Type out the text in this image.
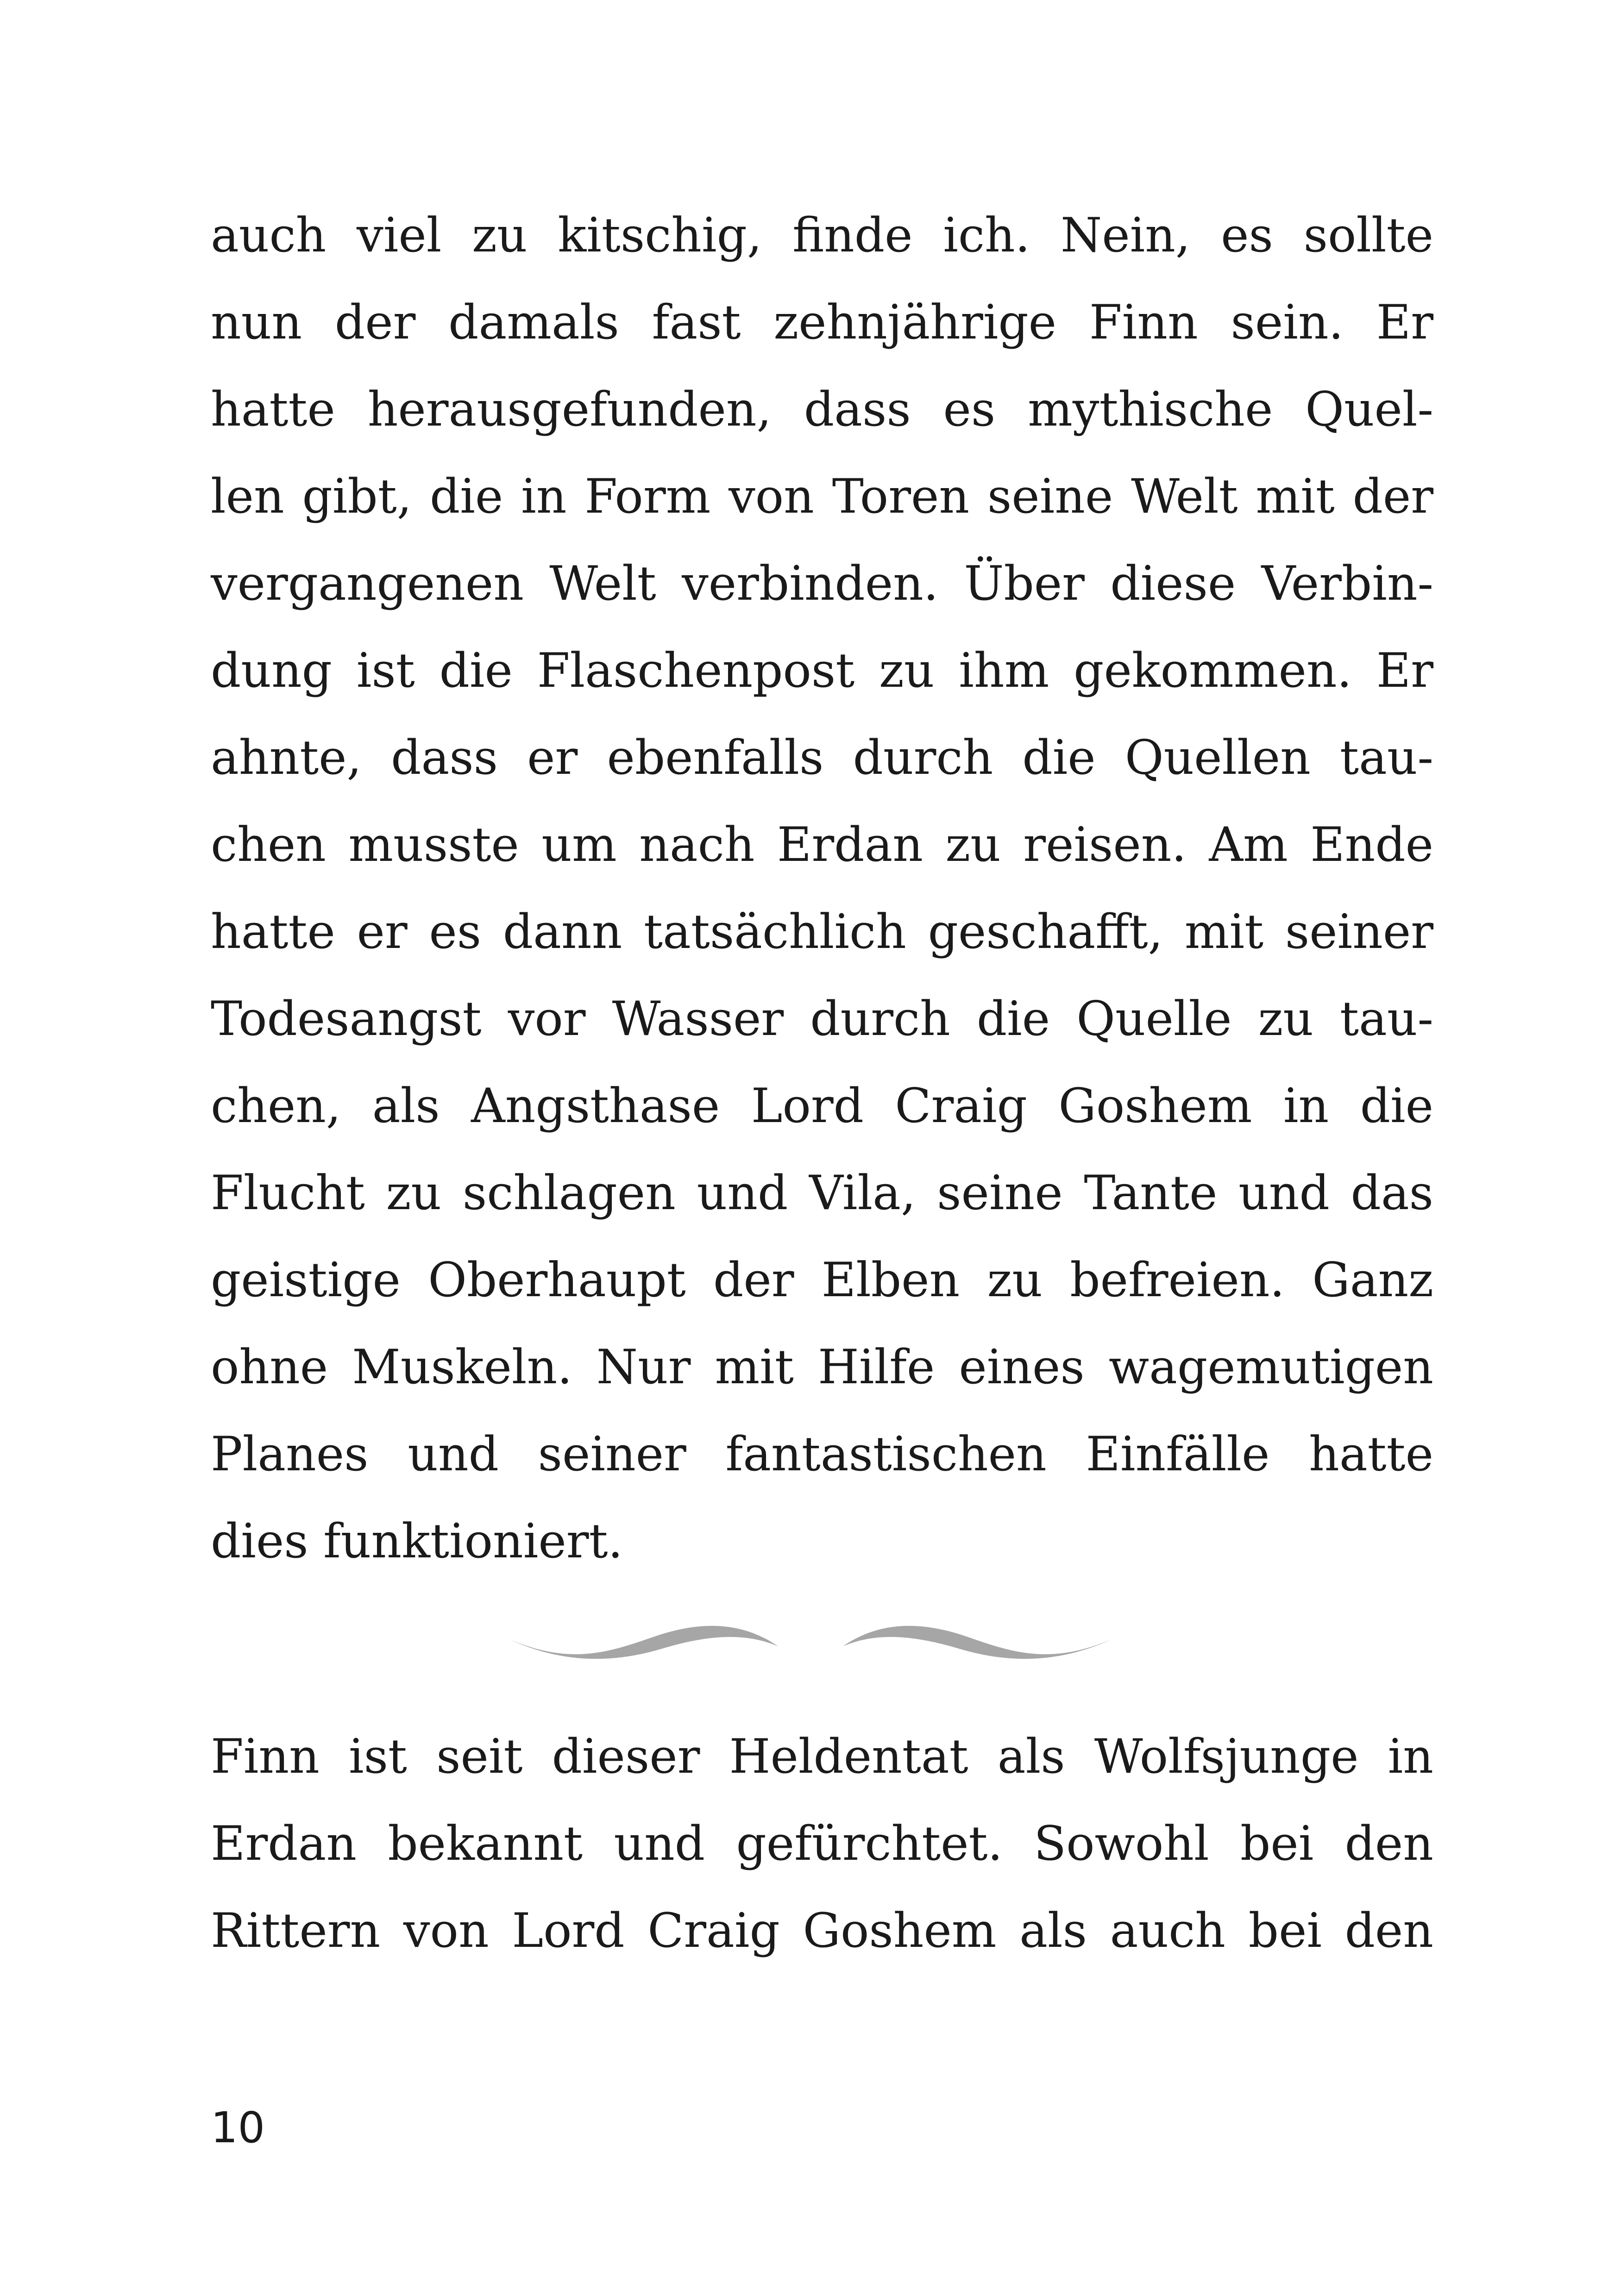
auch viel zu kitschig, finde ich. Nein, es sollte
nun der damals fast zehnjährige Finn sein. Er
hatte herausgefunden, dass es mythische Quel-
len gibt, die in Form von Toren seine Welt mit der
vergangenen Welt verbinden. Über diese Verbin-
dung ist die Flaschenpost zu ihm gekommen. Er
ahnte, dass er ebenfalls durch die Quellen tau-
chen musste um nach Erdan zu reisen. Am Ende
hatte er es dann tatsächlich geschafft, mit seiner
Todesangst vor Wasser durch die Quelle zu tau-
chen, als Angsthase Lord Craig Goshem in die
Flucht zu schlagen und Vila, seine Tante und das
geistige Oberhaupt der Elben zu befreien. Ganz
ohne Muskeln. Nur mit Hilfe eines wagemutigen
Planes und seiner fantastischen Einfälle hatte
dies funktioniert.
Finn ist seit dieser Heldentat als Wolfsjunge in
Erdan bekannt und gefürchtet. Sowohl bei den
Rittern von Lord Craig Goshem als auch bei den
10
